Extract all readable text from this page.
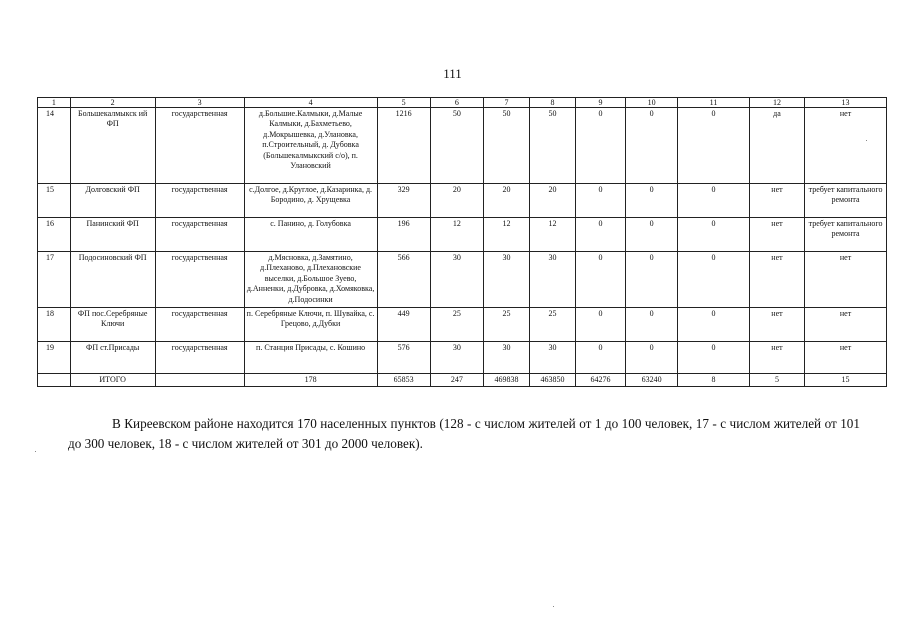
111
1	2	3	4	5	6	7	8	9	10	11	12	13
14	Большекалмыкск ий ФП	государственная	д.Большие.Калмыки, д.Малые Калмыки, д.Бахметьево, д.Мокрышевка, д.Улановка, п.Строительный, д. Дубовка (Большекалмыкский с/о), п. Улановский	1216	50	50	50	0	0	0	да	нет
15	Долговский ФП	государственная	с.Долгое, д.Круглое, д.Казаринка, д. Бородино, д. Хрущевка	329	20	20	20	0	0	0	нет	требует капитального ремонта
16	Панинский ФП	государственная	с. Панино, д. Голубовка	196	12	12	12	0	0	0	нет	требует капитального ремонта
17	Подосиновский ФП	государственная	д.Мясновка, д.Замятино, д.Плехановo, д.Плехановские выселки, д.Большое Зуево, д.Анненки, д.Дубровка, д.Хомяковка, д.Подосинки	566	30	30	30	0	0	0	нет	нет
18	ФП пос.Серебряные Ключи	государственная	п. Серебряные Ключи, п. Шувайка, с. Грецово, д.Дубки	449	25	25	25	0	0	0	нет	нет
19	ФП ст.Присады	государственная	п. Станция Присады, с. Кошино	576	30	30	30	0	0	0	нет	нет
	ИТОГО		178	65853	247	469838	463850	64276	63240	8	5	15

В Киреевском районе находится 170 населенных пунктов (128 - с числом жителей от 1 до 100 человек, 17 - с числом жителей от 101 до 300 человек, 18 - с числом жителей от 301 до 2000 человек).
